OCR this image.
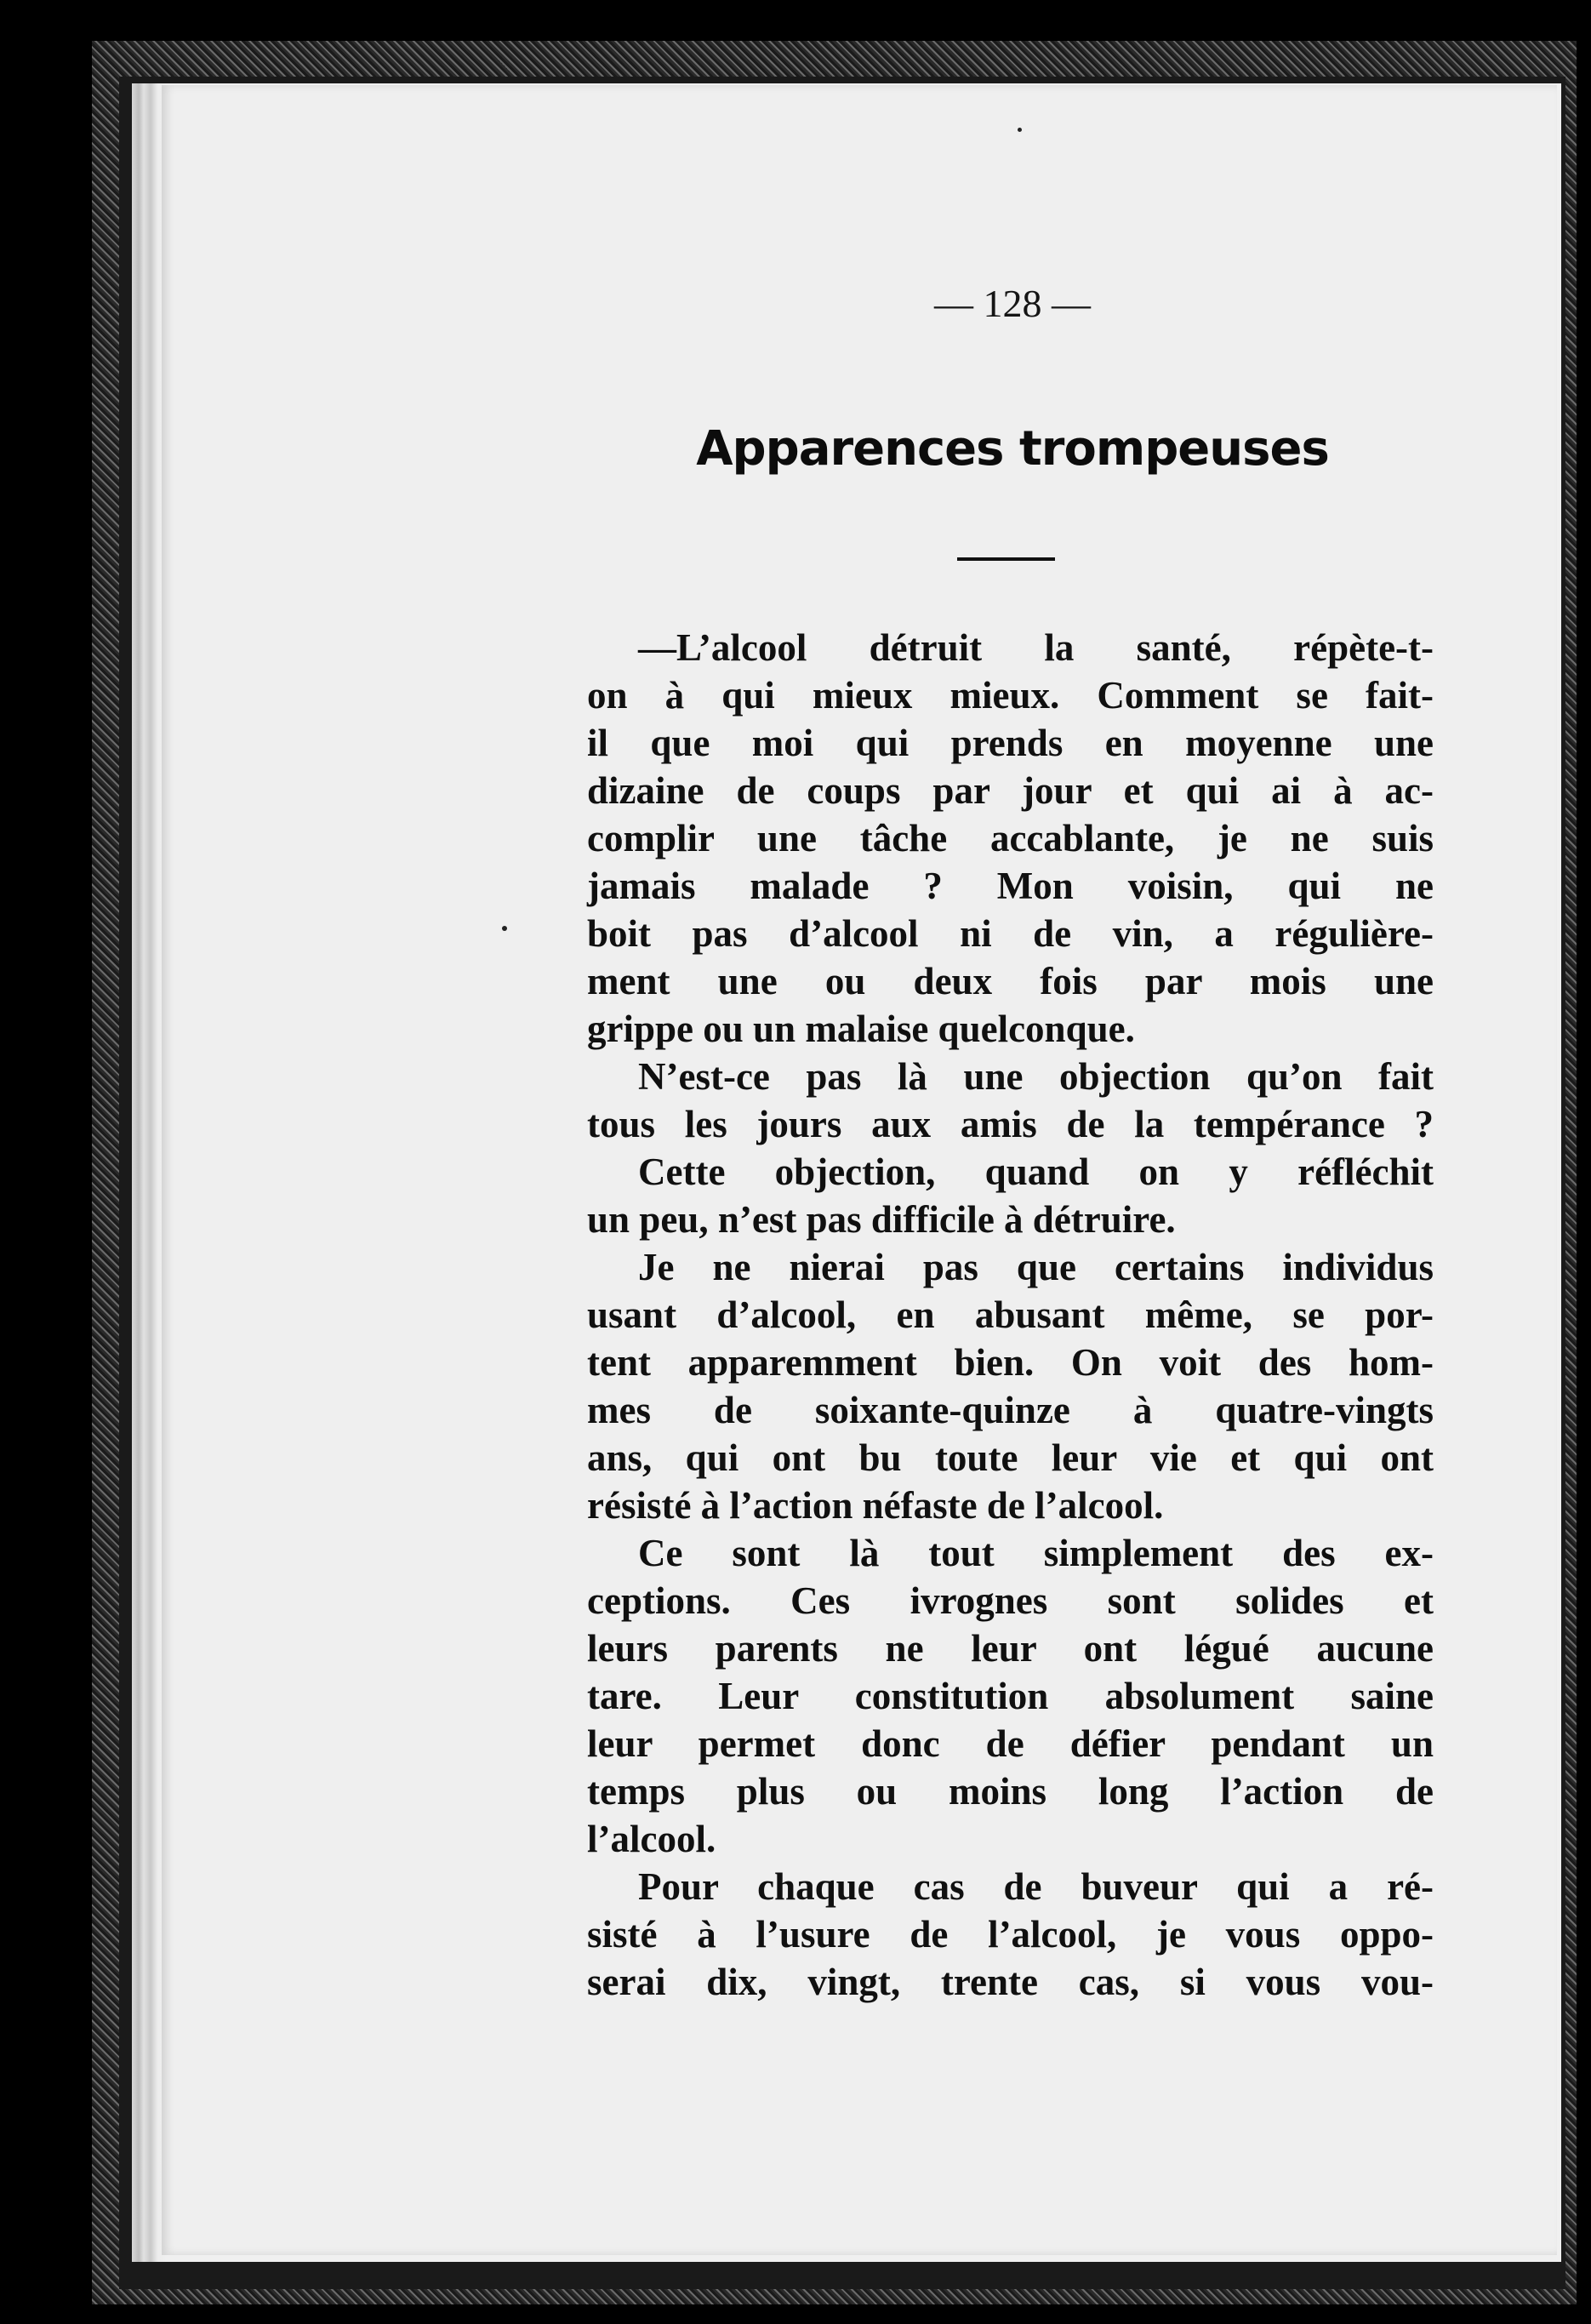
— 128 —
Apparences trompeuses
—L’alcool détruit la santé, répète-t-
on à qui mieux mieux. Comment se fait-
il que moi qui prends en moyenne une
dizaine de coups par jour et qui ai à ac-
complir une tâche accablante, je ne suis
jamais malade ? Mon voisin, qui ne
boit pas d’alcool ni de vin, a régulière-
ment une ou deux fois par mois une
grippe ou un malaise quelconque.
N’est-ce pas là une objection qu’on fait
tous les jours aux amis de la tempérance ?
Cette objection, quand on y réfléchit
un peu, n’est pas difficile à détruire.
Je ne nierai pas que certains individus
usant d’alcool, en abusant même, se por-
tent apparemment bien. On voit des hom-
mes de soixante-quinze à quatre-vingts
ans, qui ont bu toute leur vie et qui ont
résisté à l’action néfaste de l’alcool.
Ce sont là tout simplement des ex-
ceptions. Ces ivrognes sont solides et
leurs parents ne leur ont légué aucune
tare. Leur constitution absolument saine
leur permet donc de défier pendant un
temps plus ou moins long l’action de
l’alcool.
Pour chaque cas de buveur qui a ré-
sisté à l’usure de l’alcool, je vous oppo-
serai dix, vingt, trente cas, si vous vou-
